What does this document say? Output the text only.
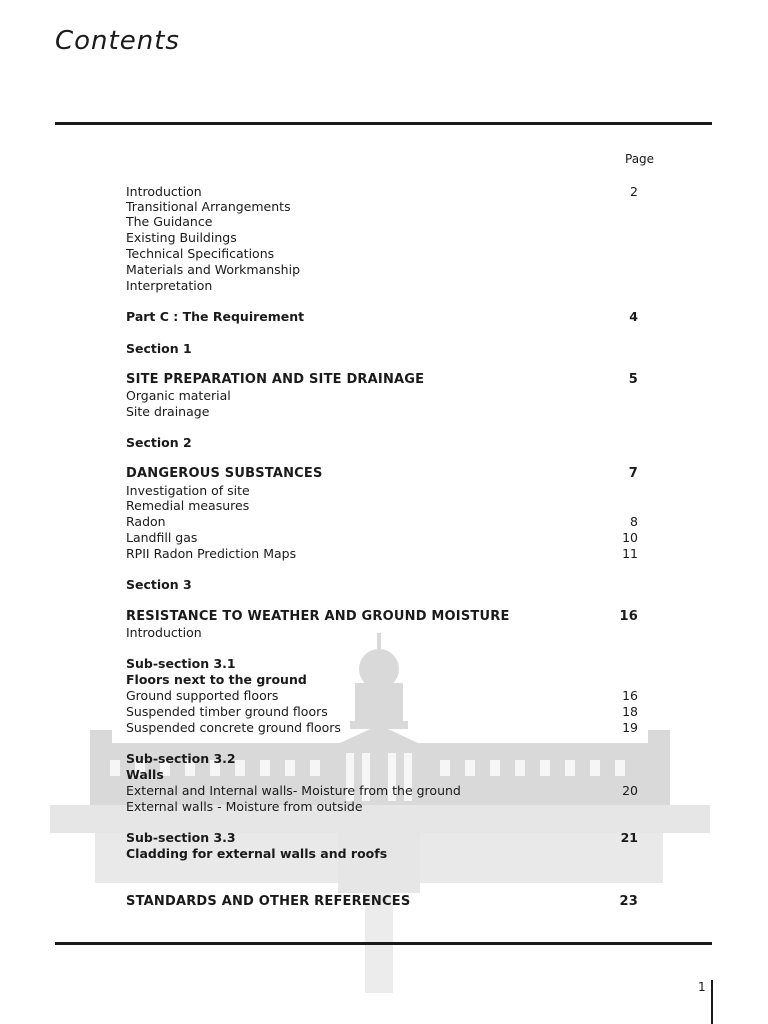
Contents
Page
Introduction	2
Transitional Arrangements
The Guidance
Existing Buildings
Technical Specifications
Materials and Workmanship
Interpretation
Part C : The Requirement	4
Section 1
SITE PREPARATION AND SITE DRAINAGE	5
Organic material
Site drainage
Section 2
DANGEROUS SUBSTANCES	7
Investigation of site
Remedial measures
Radon	8
Landfill gas	10
RPII Radon Prediction Maps	11
Section 3
RESISTANCE TO WEATHER AND GROUND MOISTURE	16
Introduction
Sub-section 3.1
Floors next to the ground
Ground supported floors	16
Suspended timber ground floors	18
Suspended concrete ground floors	19
Sub-section 3.2
Walls
External and Internal walls- Moisture from the ground	20
External walls - Moisture from outside
Sub-section 3.3	21
Cladding for external walls and roofs
STANDARDS AND OTHER REFERENCES	23
1
